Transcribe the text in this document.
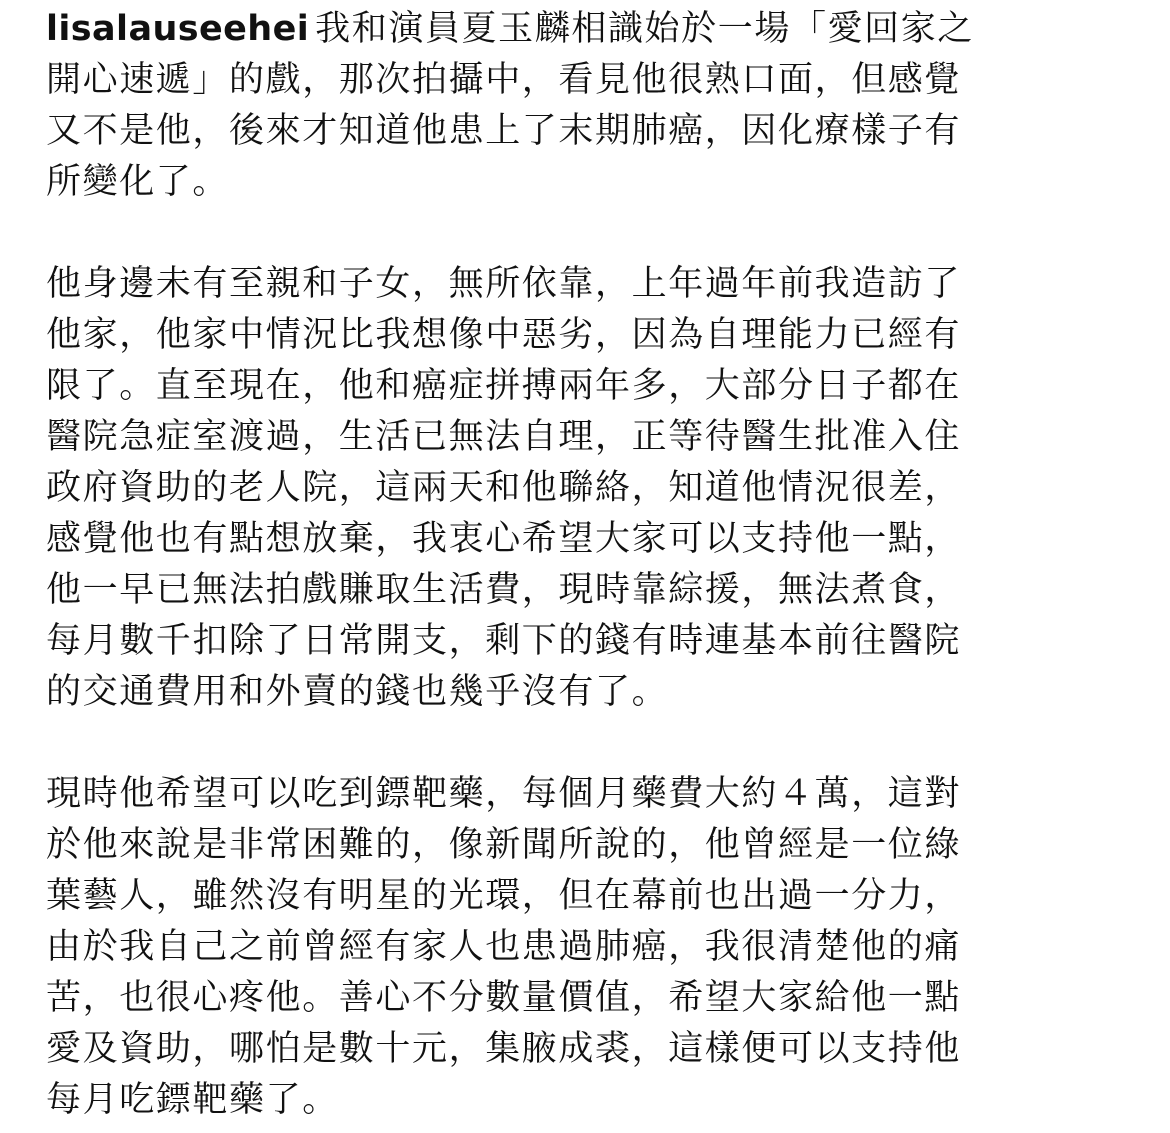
lisalauseehei 我和演員夏玉麟相識始於一場「愛回家之
開心速遞」的戲，那次拍攝中，看見他很熟口面，但感覺
又不是他，後來才知道他患上了末期肺癌，因化療樣子有
所變化了。

他身邊未有至親和子女，無所依靠，上年過年前我造訪了
他家，他家中情況比我想像中惡劣，因為自理能力已經有
限了。直至現在，他和癌症拼搏兩年多，大部分日子都在
醫院急症室渡過，生活已無法自理，正等待醫生批准入住
政府資助的老人院，這兩天和他聯絡，知道他情況很差，
感覺他也有點想放棄，我衷心希望大家可以支持他一點，
他一早已無法拍戲賺取生活費，現時靠綜援，無法煮食，
每月數千扣除了日常開支，剩下的錢有時連基本前往醫院
的交通費用和外賣的錢也幾乎沒有了。

現時他希望可以吃到鏢靶藥，每個月藥費大約４萬，這對
於他來說是非常困難的，像新聞所說的，他曾經是一位綠
葉藝人，雖然沒有明星的光環，但在幕前也出過一分力，
由於我自己之前曾經有家人也患過肺癌，我很清楚他的痛
苦，也很心疼他。善心不分數量價值，希望大家給他一點
愛及資助，哪怕是數十元，集腋成裘，這樣便可以支持他
每月吃鏢靶藥了。
